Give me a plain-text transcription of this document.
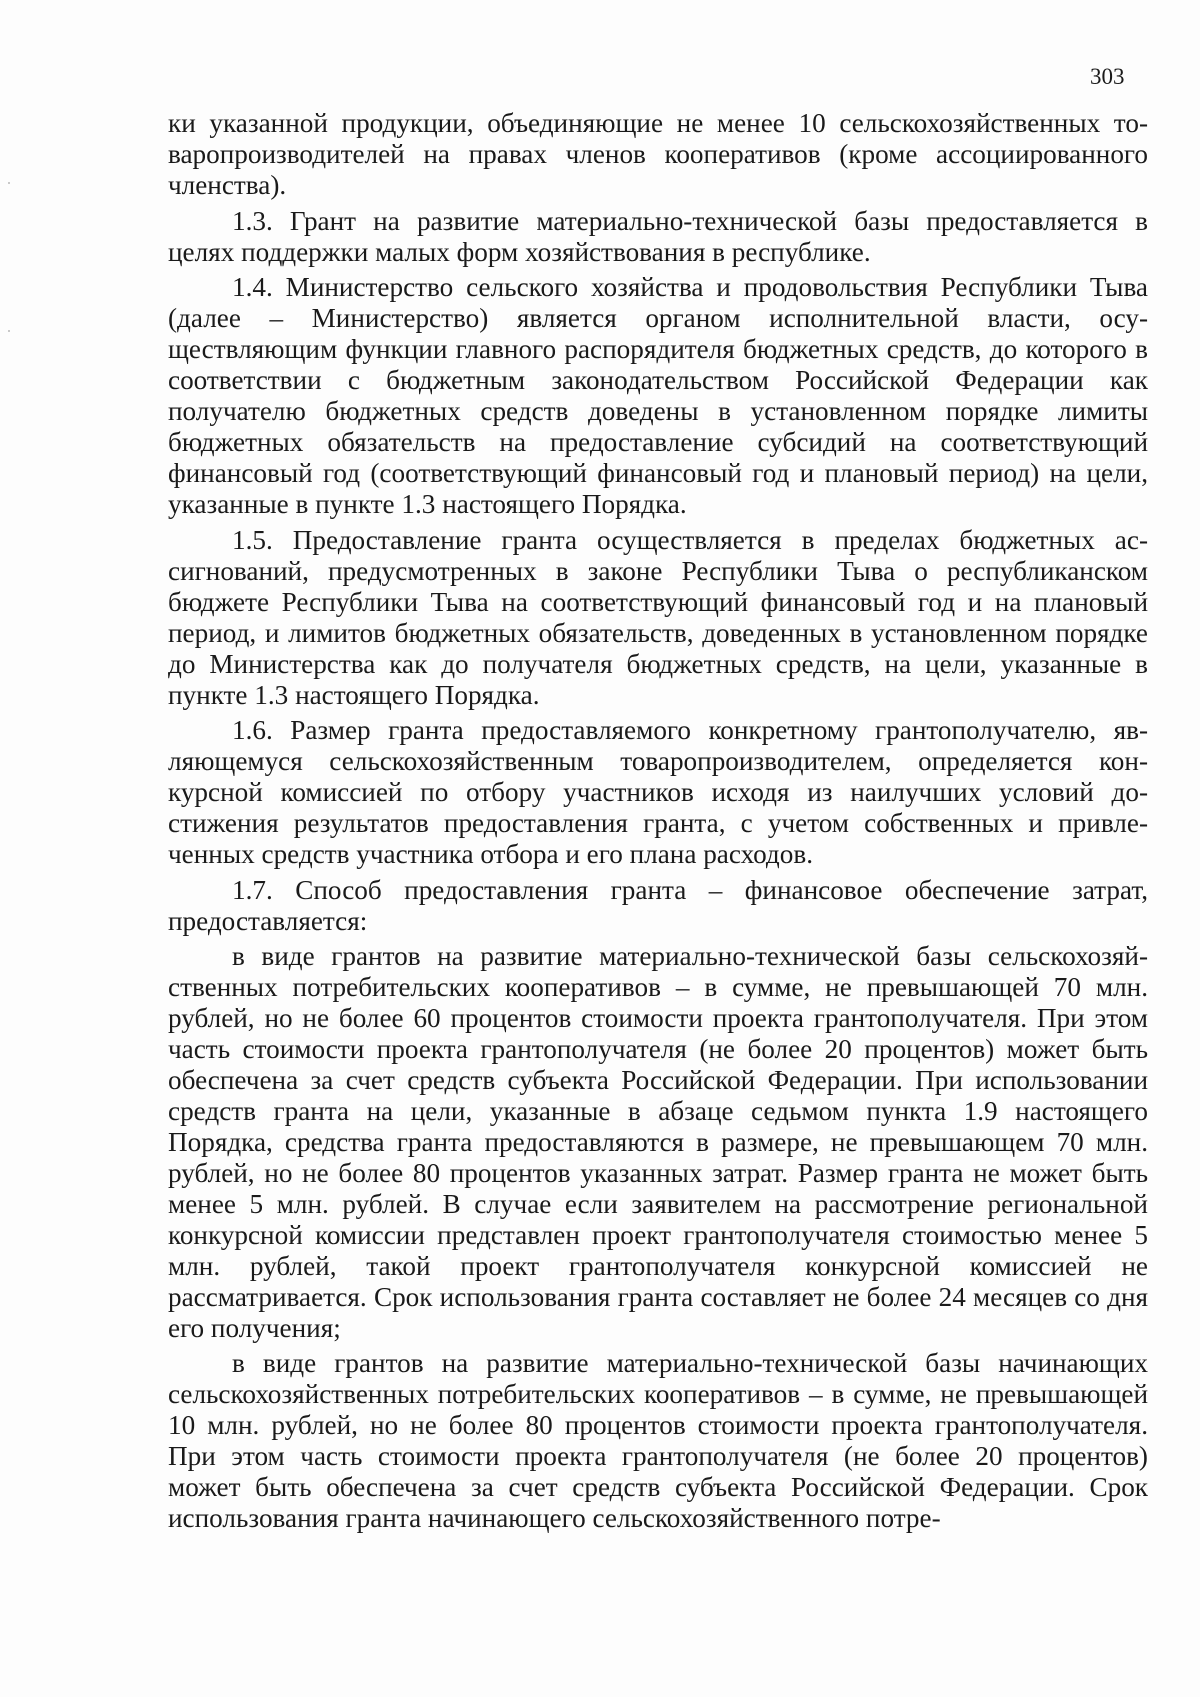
303

ки указанной продукции, объединяющие не менее 10 сельскохозяйственных товаропроизводителей на правах членов кооперативов (кроме ассоциированного членства).

1.3. Грант на развитие материально-технической базы предоставляется в целях поддержки малых форм хозяйствования в республике.

1.4. Министерство сельского хозяйства и продовольствия Республики Тыва (далее – Министерство) является органом исполнительной власти, осуществляющим функции главного распорядителя бюджетных средств, до которого в соответствии с бюджетным законодательством Российской Федерации как получателю бюджетных средств доведены в установленном порядке лимиты бюджетных обязательств на предоставление субсидий на соответствующий финансовый год (соответствующий финансовый год и плановый период) на цели, указанные в пункте 1.3 настоящего Порядка.

1.5. Предоставление гранта осуществляется в пределах бюджетных ассигнований, предусмотренных в законе Республики Тыва о республиканском бюджете Республики Тыва на соответствующий финансовый год и на плановый период, и лимитов бюджетных обязательств, доведенных в установленном порядке до Министерства как до получателя бюджетных средств, на цели, указанные в пункте 1.3 настоящего Порядка.

1.6. Размер гранта предоставляемого конкретному грантополучателю, являющемуся сельскохозяйственным товаропроизводителем, определяется конкурсной комиссией по отбору участников исходя из наилучших условий достижения результатов предоставления гранта, с учетом собственных и привлеченных средств участника отбора и его плана расходов.

1.7. Способ предоставления гранта – финансовое обеспечение затрат, предоставляется:

в виде грантов на развитие материально-технической базы сельскохозяйственных потребительских кооперативов – в сумме, не превышающей 70 млн. рублей, но не более 60 процентов стоимости проекта грантополучателя. При этом часть стоимости проекта грантополучателя (не более 20 процентов) может быть обеспечена за счет средств субъекта Российской Федерации. При использовании средств гранта на цели, указанные в абзаце седьмом пункта 1.9 настоящего Порядка, средства гранта предоставляются в размере, не превышающем 70 млн. рублей, но не более 80 процентов указанных затрат. Размер гранта не может быть менее 5 млн. рублей. В случае если заявителем на рассмотрение региональной конкурсной комиссии представлен проект грантополучателя стоимостью менее 5 млн. рублей, такой проект грантополучателя конкурсной комиссией не рассматривается. Срок использования гранта составляет не более 24 месяцев со дня его получения;

в виде грантов на развитие материально-технической базы начинающих сельскохозяйственных потребительских кооперативов – в сумме, не превышающей 10 млн. рублей, но не более 80 процентов стоимости проекта грантополучателя. При этом часть стоимости проекта грантополучателя (не более 20 процентов) может быть обеспечена за счет средств субъекта Российской Федерации. Срок использования гранта начинающего сельскохозяйственного потре-
